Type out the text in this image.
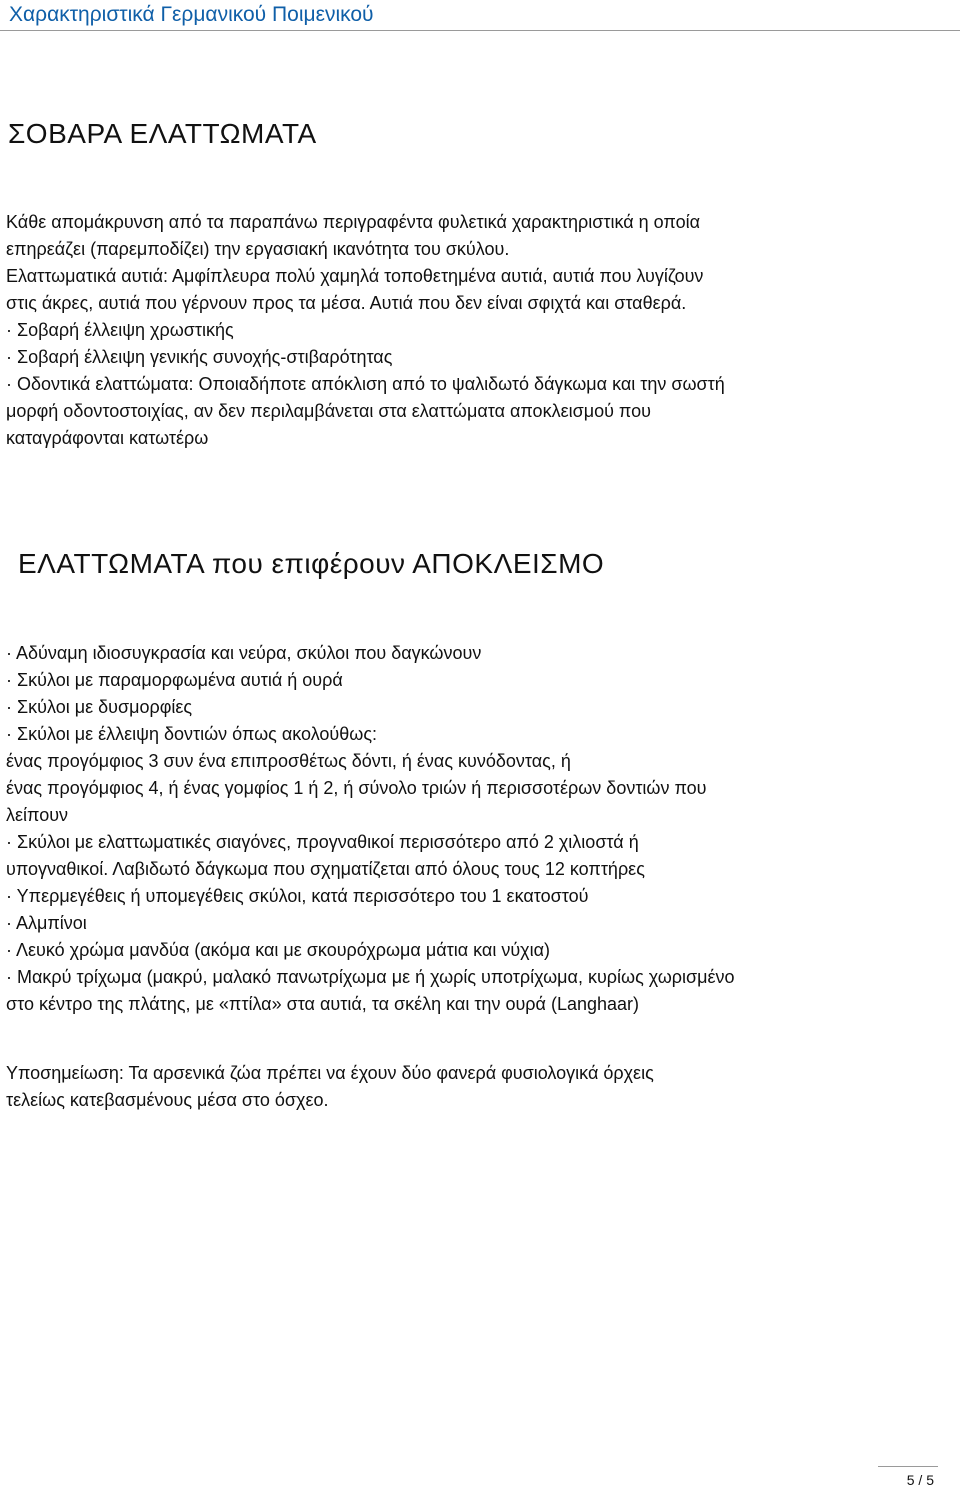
Χαρακτηριστικά Γερμανικού Ποιμενικού
ΣΟΒΑΡΑ ΕΛΑΤΤΩΜΑΤΑ
Κάθε απομάκρυνση από τα παραπάνω περιγραφέντα φυλετικά χαρακτηριστικά η οποία
επηρεάζει (παρεμποδίζει) την εργασιακή ικανότητα του σκύλου.
Ελαττωματικά αυτιά: Αμφίπλευρα πολύ χαμηλά τοποθετημένα αυτιά, αυτιά που λυγίζουν
στις άκρες, αυτιά που γέρνουν προς τα μέσα. Αυτιά που δεν είναι σφιχτά και σταθερά.
· Σοβαρή έλλειψη χρωστικής
· Σοβαρή έλλειψη γενικής συνοχής-στιβαρότητας
· Οδοντικά ελαττώματα: Οποιαδήποτε απόκλιση από το ψαλιδωτό δάγκωμα και την σωστή
μορφή οδοντοστοιχίας, αν δεν περιλαμβάνεται στα ελαττώματα αποκλεισμού που
καταγράφονται κατωτέρω
ΕΛΑΤΤΩΜΑΤΑ που επιφέρουν ΑΠΟΚΛΕΙΣΜΟ
· Αδύναμη ιδιοσυγκρασία και νεύρα, σκύλοι που δαγκώνουν
· Σκύλοι με παραμορφωμένα αυτιά ή ουρά
· Σκύλοι με δυσμορφίες
· Σκύλοι με έλλειψη δοντιών όπως ακολούθως:
ένας προγόμφιος 3 συν ένα επιπροσθέτως δόντι, ή ένας κυνόδοντας, ή
ένας προγόμφιος 4, ή ένας γομφίος 1 ή 2, ή σύνολο τριών ή περισσοτέρων δοντιών που
λείπουν
· Σκύλοι με ελαττωματικές σιαγόνες, προγναθικοί περισσότερο από 2 χιλιοστά ή
υπογναθικοί. Λαβιδωτό δάγκωμα που σχηματίζεται από όλους τους 12 κοπτήρες
· Υπερμεγέθεις ή υπομεγέθεις σκύλοι, κατά περισσότερο του 1 εκατοστού
· Αλμπίνοι
· Λευκό χρώμα μανδύα (ακόμα και με σκουρόχρωμα μάτια και νύχια)
· Μακρύ τρίχωμα (μακρύ, μαλακό πανωτρίχωμα με ή χωρίς υποτρίχωμα, κυρίως χωρισμένο
στο κέντρο της πλάτης, με «πτίλα» στα αυτιά, τα σκέλη και την ουρά (Langhaar)
Υποσημείωση: Τα αρσενικά ζώα πρέπει να έχουν δύο φανερά φυσιολογικά όρχεις
τελείως κατεβασμένους μέσα στο όσχεο.
5 / 5
